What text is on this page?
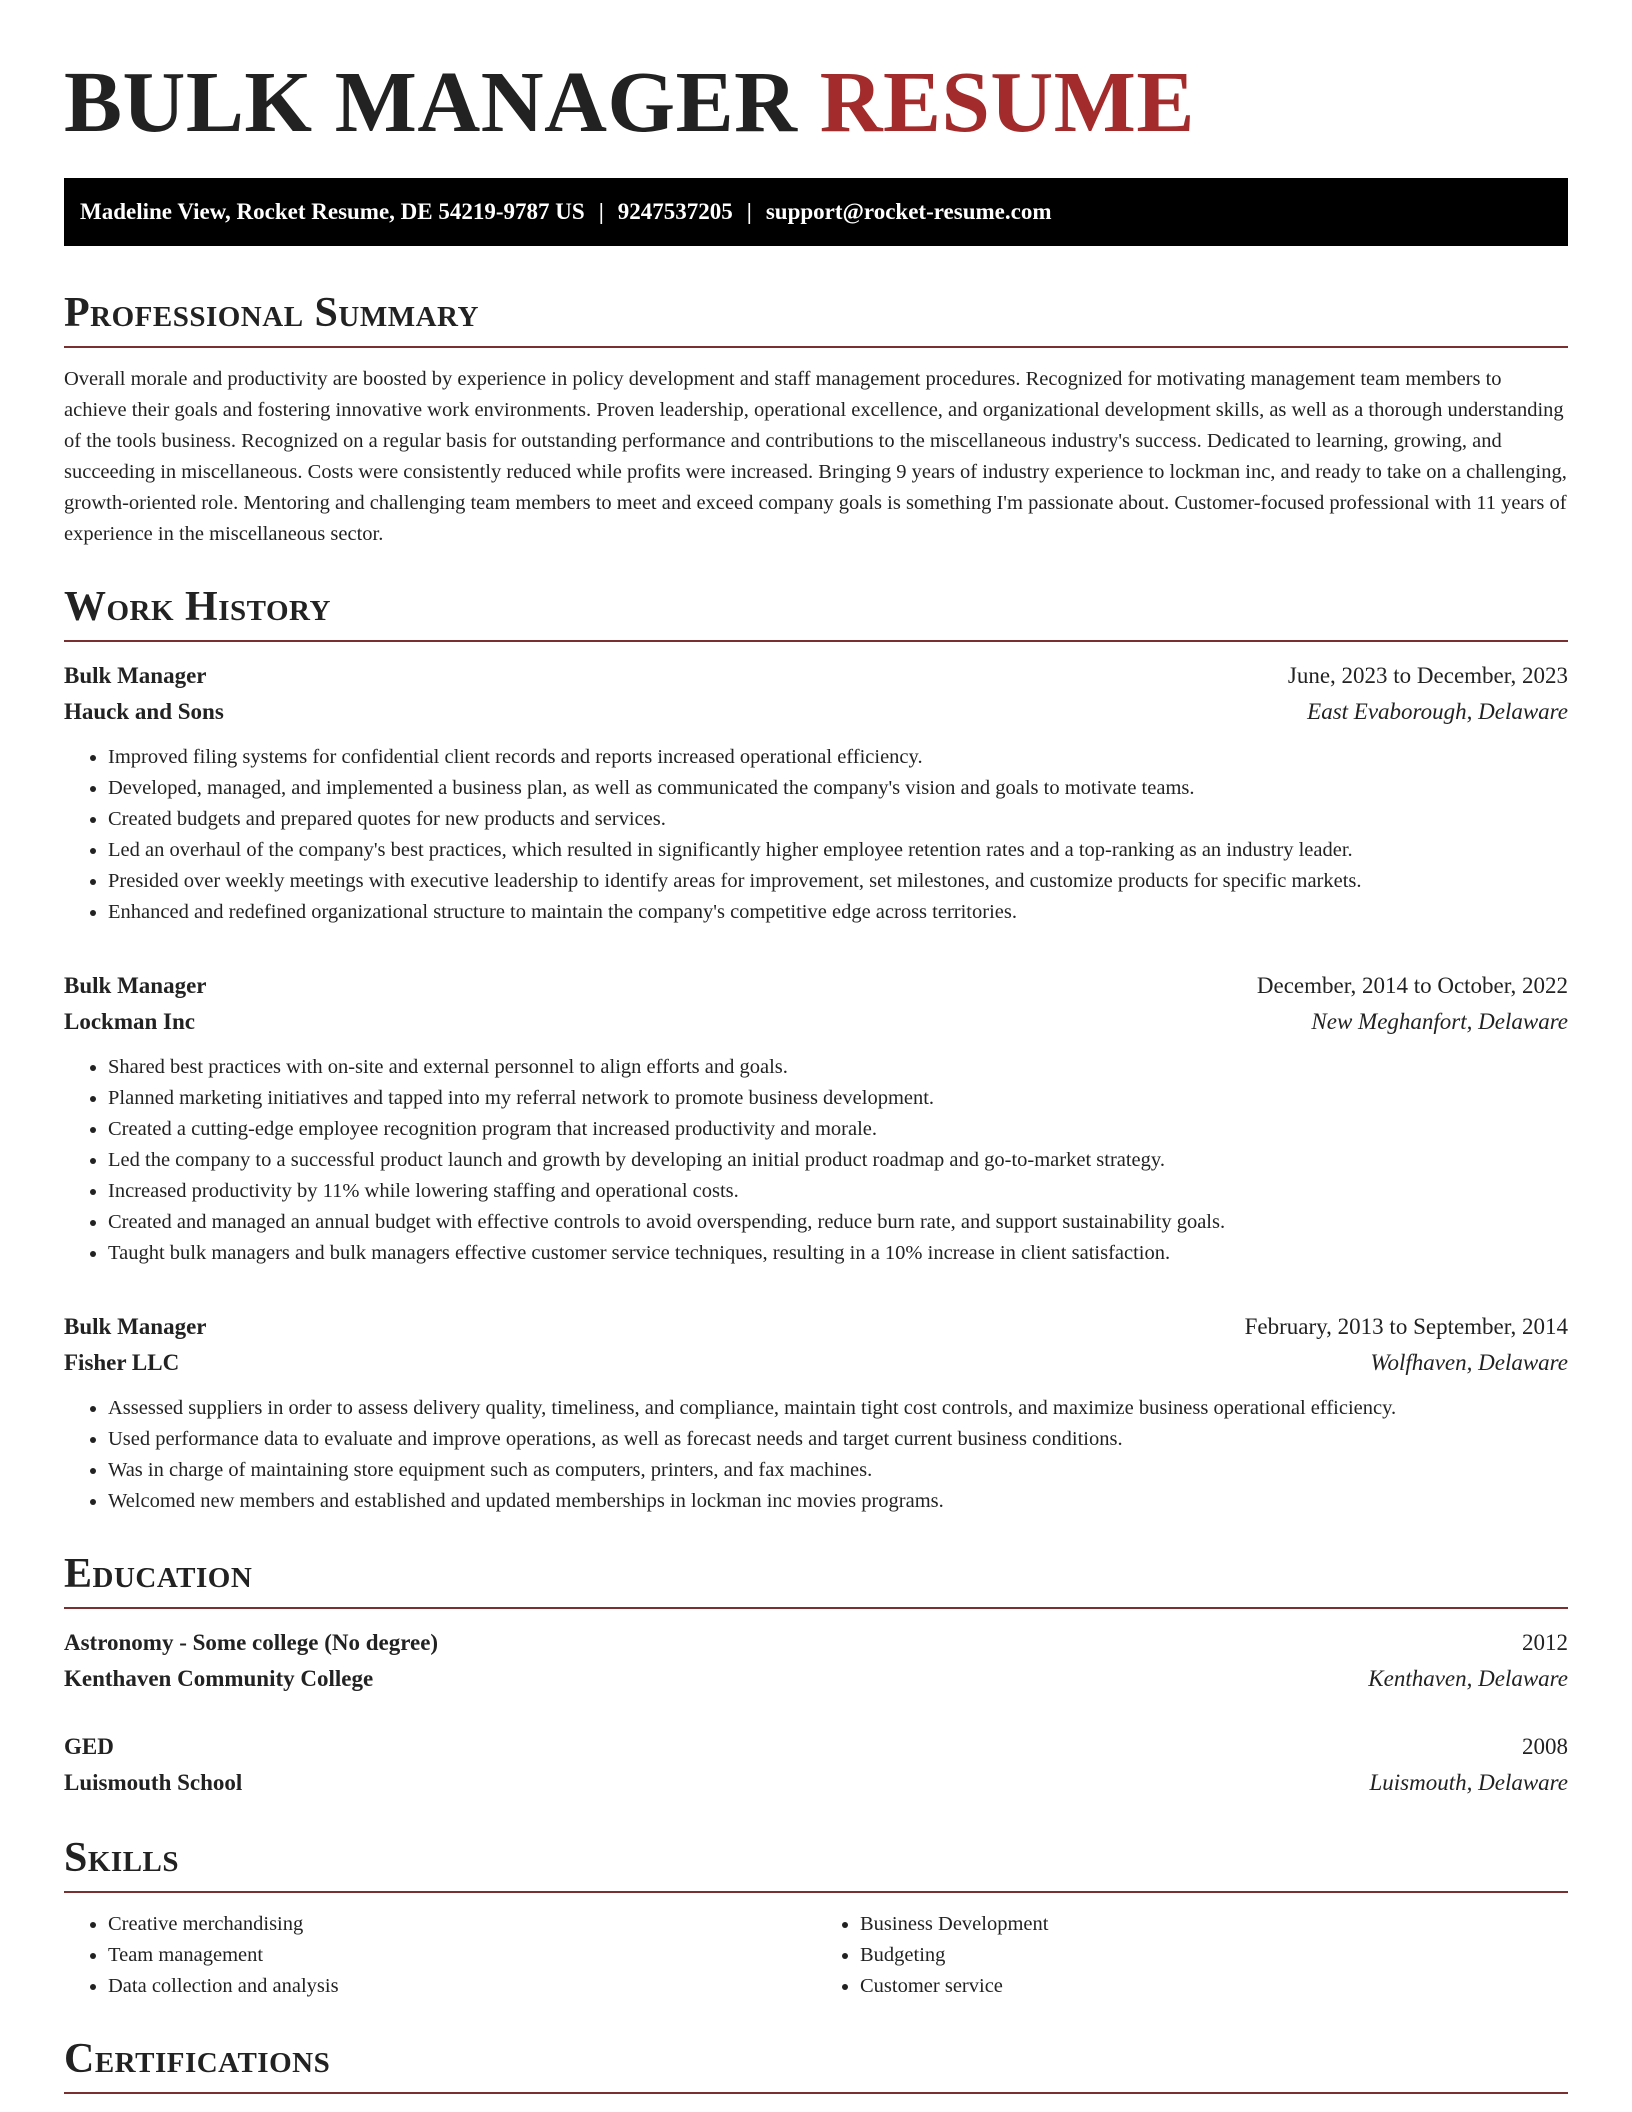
BULK MANAGER RESUME
Madeline View, Rocket Resume, DE 54219-9787 US | 9247537205 | support@rocket-resume.com
Professional Summary

Overall morale and productivity are boosted by experience in policy development and staff management procedures. Recognized for motivating management team members to achieve their goals and fostering innovative work environments. Proven leadership, operational excellence, and organizational development skills, as well as a thorough understanding of the tools business. Recognized on a regular basis for outstanding performance and contributions to the miscellaneous industry's success. Dedicated to learning, growing, and succeeding in miscellaneous. Costs were consistently reduced while profits were increased. Bringing 9 years of industry experience to lockman inc, and ready to take on a challenging, growth-oriented role. Mentoring and challenging team members to meet and exceed company goals is something I'm passionate about. Customer-focused professional with 11 years of experience in the miscellaneous sector.

Work History
Bulk Manager	June, 2023 to December, 2023
Hauck and Sons	East Evaborough, Delaware
• Improved filing systems for confidential client records and reports increased operational efficiency.
• Developed, managed, and implemented a business plan, as well as communicated the company's vision and goals to motivate teams.
• Created budgets and prepared quotes for new products and services.
• Led an overhaul of the company's best practices, which resulted in significantly higher employee retention rates and a top-ranking as an industry leader.
• Presided over weekly meetings with executive leadership to identify areas for improvement, set milestones, and customize products for specific markets.
• Enhanced and redefined organizational structure to maintain the company's competitive edge across territories.
Bulk Manager	December, 2014 to October, 2022
Lockman Inc	New Meghanfort, Delaware
• Shared best practices with on-site and external personnel to align efforts and goals.
• Planned marketing initiatives and tapped into my referral network to promote business development.
• Created a cutting-edge employee recognition program that increased productivity and morale.
• Led the company to a successful product launch and growth by developing an initial product roadmap and go-to-market strategy.
• Increased productivity by 11% while lowering staffing and operational costs.
• Created and managed an annual budget with effective controls to avoid overspending, reduce burn rate, and support sustainability goals.
• Taught bulk managers and bulk managers effective customer service techniques, resulting in a 10% increase in client satisfaction.
Bulk Manager	February, 2013 to September, 2014
Fisher LLC	Wolfhaven, Delaware
• Assessed suppliers in order to assess delivery quality, timeliness, and compliance, maintain tight cost controls, and maximize business operational efficiency.
• Used performance data to evaluate and improve operations, as well as forecast needs and target current business conditions.
• Was in charge of maintaining store equipment such as computers, printers, and fax machines.
• Welcomed new members and established and updated memberships in lockman inc movies programs.
Education
Astronomy - Some college (No degree)	2012
Kenthaven Community College	Kenthaven, Delaware
GED	2008
Luismouth School	Luismouth, Delaware
Skills
• Creative merchandising
• Team management
• Data collection and analysis
• Business Development
• Budgeting
• Customer service
Certifications
